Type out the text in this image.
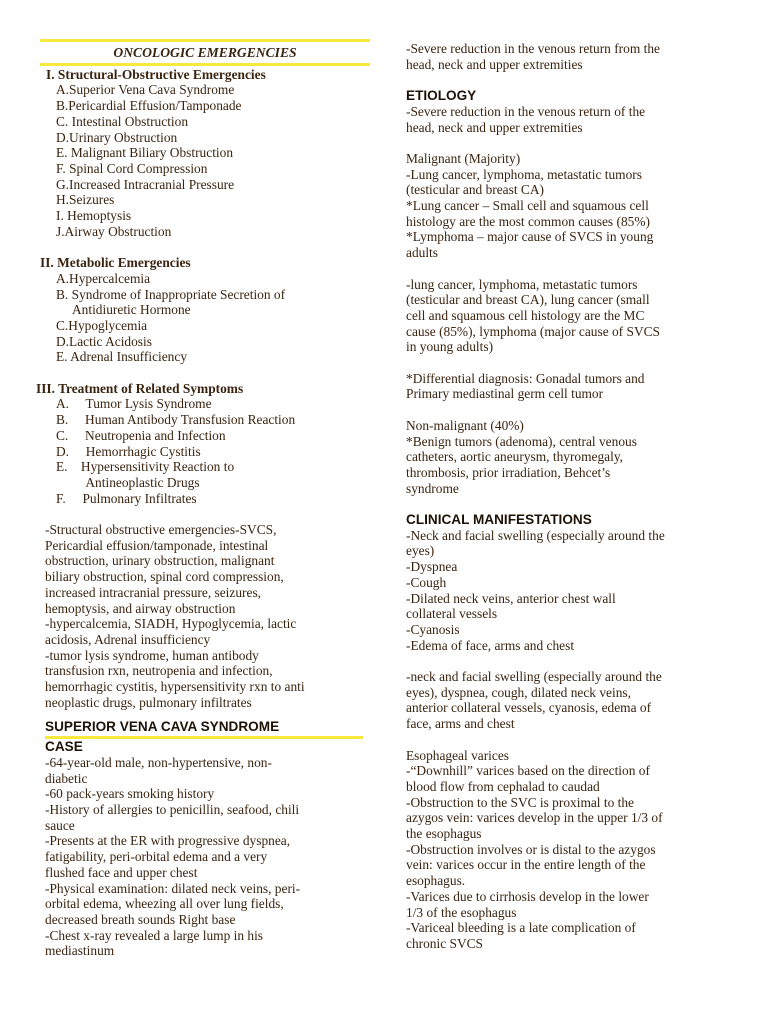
ONCOLOGIC EMERGENCIES
I. Structural-Obstructive Emergencies
A.Superior Vena Cava Syndrome
B.Pericardial Effusion/Tamponade
C. Intestinal Obstruction
D.Urinary Obstruction
E. Malignant Biliary Obstruction
F. Spinal Cord Compression
G.Increased Intracranial Pressure
H.Seizures
I. Hemoptysis
J.Airway Obstruction
II. Metabolic Emergencies
A.Hypercalcemia
B. Syndrome of Inappropriate Secretion of
Antidiuretic Hormone
C.Hypoglycemia
D.Lactic Acidosis
E. Adrenal Insufficiency
III. Treatment of Related Symptoms
A.     Tumor Lysis Syndrome
B.     Human Antibody Transfusion Reaction
C.     Neutropenia and Infection
D.     Hemorrhagic Cystitis
E.    Hypersensitivity Reaction to
Antineoplastic Drugs
F.     Pulmonary Infiltrates
-Structural obstructive emergencies-SVCS,
Pericardial effusion/tamponade, intestinal
obstruction, urinary obstruction, malignant
biliary obstruction, spinal cord compression,
increased intracranial pressure, seizures,
hemoptysis, and airway obstruction
-hypercalcemia, SIADH, Hypoglycemia, lactic
acidosis, Adrenal insufficiency
-tumor lysis syndrome, human antibody
transfusion rxn, neutropenia and infection,
hemorrhagic cystitis, hypersensitivity rxn to anti
neoplastic drugs, pulmonary infiltrates
SUPERIOR VENA CAVA SYNDROME
CASE
-64-year-old male, non-hypertensive, non-
diabetic
-60 pack-years smoking history
-History of allergies to penicillin, seafood, chili
sauce
-Presents at the ER with progressive dyspnea,
fatigability, peri-orbital edema and a very
flushed face and upper chest
-Physical examination: dilated neck veins, peri-
orbital edema, wheezing all over lung fields,
decreased breath sounds Right base
-Chest x-ray revealed a large lump in his
mediastinum
-Severe reduction in the venous return from the
head, neck and upper extremities
ETIOLOGY
-Severe reduction in the venous return of the
head, neck and upper extremities
Malignant (Majority)
-Lung cancer, lymphoma, metastatic tumors
(testicular and breast CA)
*Lung cancer – Small cell and squamous cell
histology are the most common causes (85%)
*Lymphoma – major cause of SVCS in young
adults
-lung cancer, lymphoma, metastatic tumors
(testicular and breast CA), lung cancer (small
cell and squamous cell histology are the MC
cause (85%), lymphoma (major cause of SVCS
in young adults)
*Differential diagnosis: Gonadal tumors and
Primary mediastinal germ cell tumor
Non-malignant (40%)
*Benign tumors (adenoma), central venous
catheters, aortic aneurysm, thyromegaly,
thrombosis, prior irradiation, Behcet’s
syndrome
CLINICAL MANIFESTATIONS
-Neck and facial swelling (especially around the
eyes)
-Dyspnea
-Cough
-Dilated neck veins, anterior chest wall
collateral vessels
-Cyanosis
-Edema of face, arms and chest
-neck and facial swelling (especially around the
eyes), dyspnea, cough, dilated neck veins,
anterior collateral vessels, cyanosis, edema of
face, arms and chest
Esophageal varices
-“Downhill” varices based on the direction of
blood flow from cephalad to caudad
-Obstruction to the SVC is proximal to the
azygos vein: varices develop in the upper 1/3 of
the esophagus
-Obstruction involves or is distal to the azygos
vein: varices occur in the entire length of the
esophagus.
-Varices due to cirrhosis develop in the lower
1/3 of the esophagus
-Variceal bleeding is a late complication of
chronic SVCS
